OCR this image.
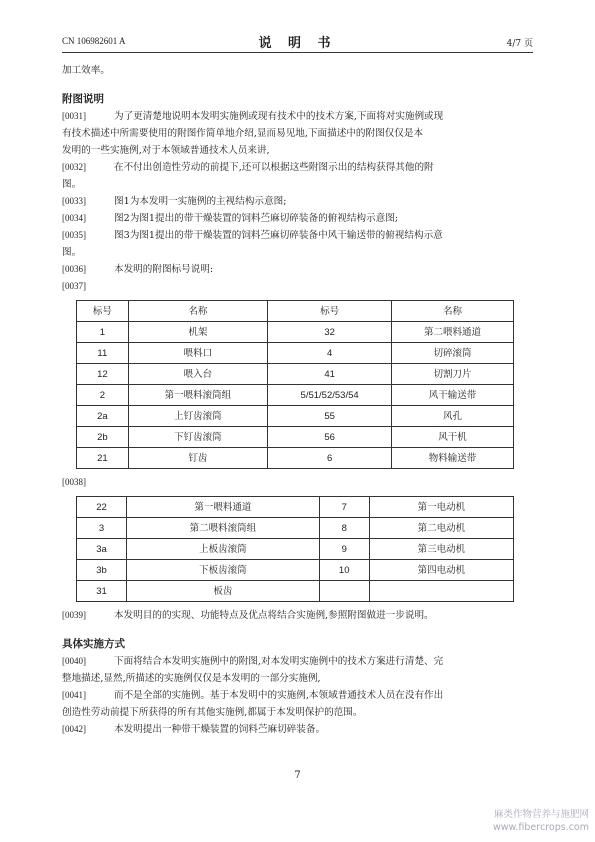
CN 106982601 A	说 明 书	4/7 页
加工效率。
附图说明
[0031]	为了更清楚地说明本发明实施例或现有技术中的技术方案,下面将对实施例或现
有技术描述中所需要使用的附图作简单地介绍,显而易见地,下面描述中的附图仅仅是本
发明的一些实施例,对于本领域普通技术人员来讲,
[0032]	在不付出创造性劳动的前提下,还可以根据这些附图示出的结构获得其他的附
图。
[0033]	图1为本发明一实施例的主视结构示意图;
[0034]	图2为图1提出的带干燥装置的饲料苎麻切碎装备的俯视结构示意图;
[0035]	图3为图1提出的带干燥装置的饲料苎麻切碎装备中风干输送带的俯视结构示意
图。
[0036]	本发明的附图标号说明:
[0037]
标号	名称	标号	名称
1	机架	32	第二喂料通道
11	喂料口	4	切碎滚筒
12	喂入台	41	切割刀片
2	第一喂料滚筒组	5/51/52/53/54	风干输送带
2a	上钉齿滚筒	55	风孔
2b	下钉齿滚筒	56	风干机
21	钉齿	6	物料输送带
[0038]
22	第一喂料通道	7	第一电动机
3	第二喂料滚筒组	8	第二电动机
3a	上板齿滚筒	9	第三电动机
3b	下板齿滚筒	10	第四电动机
31	板齿		
[0039]	本发明目的的实现、功能特点及优点将结合实施例,参照附图做进一步说明。
具体实施方式
[0040]	下面将结合本发明实施例中的附图,对本发明实施例中的技术方案进行清楚、完
整地描述,显然,所描述的实施例仅仅是本发明的一部分实施例,
[0041]	而不是全部的实施例。基于本发明中的实施例,本领域普通技术人员在没有作出
创造性劳动前提下所获得的所有其他实施例,都属于本发明保护的范围。
[0042]	本发明提出一种带干燥装置的饲料苎麻切碎装备。
7
麻类作物营养与施肥网
www.fibercrops.com
